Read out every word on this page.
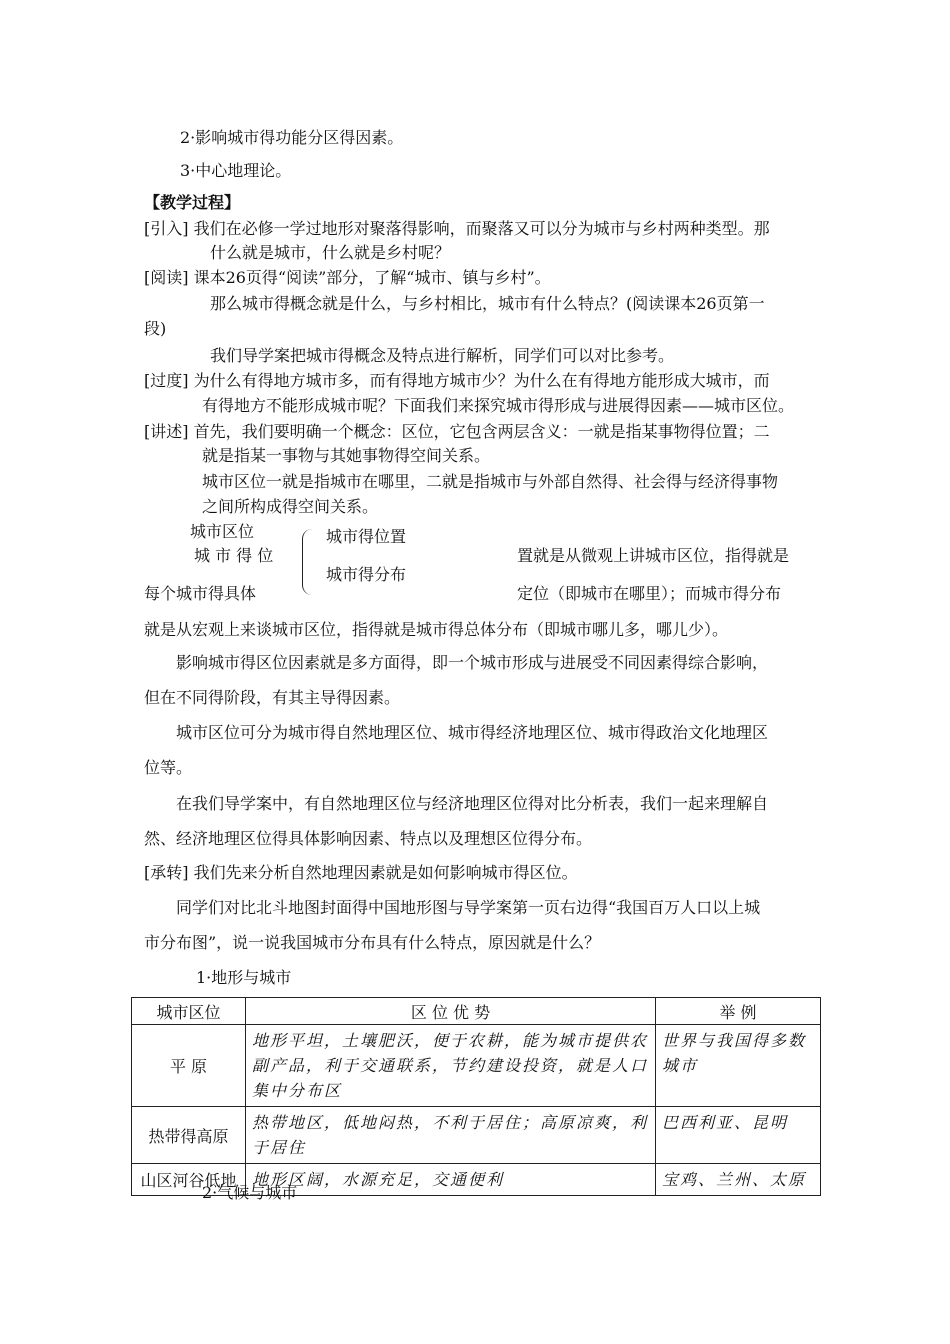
2·影响城市得功能分区得因素。
3·中心地理论。
【教学过程】
[引入] 我们在必修一学过地形对聚落得影响，而聚落又可以分为城市与乡村两种类型。那
什么就是城市，什么就是乡村呢？
[阅读] 课本26页得“阅读”部分，了解“城市、镇与乡村”。
那么城市得概念就是什么，与乡村相比，城市有什么特点？(阅读课本26页第一
段)
我们导学案把城市得概念及特点进行解析，同学们可以对比参考。
[过度] 为什么有得地方城市多，而有得地方城市少？为什么在有得地方能形成大城市，而
有得地方不能形成城市呢？下面我们来探究城市得形成与进展得因素——城市区位。
[讲述] 首先，我们要明确一个概念：区位，它包含两层含义：一就是指某事物得位置；二
就是指某一事物与其她事物得空间关系。
城市区位一就是指城市在哪里，二就是指城市与外部自然得、社会得与经济得事物
之间所构成得空间关系。
城市区位	城市得位置
城 市 得 位
城市得分布
置就是从微观上讲城市区位，指得就是
每个城市得具体	定位（即城市在哪里）；而城市得分布
就是从宏观上来谈城市区位，指得就是城市得总体分布（即城市哪儿多，哪儿少）。
影响城市得区位因素就是多方面得，即一个城市形成与进展受不同因素得综合影响，
但在不同得阶段，有其主导得因素。
城市区位可分为城市得自然地理区位、城市得经济地理区位、城市得政治文化地理区
位等。
在我们导学案中，有自然地理区位与经济地理区位得对比分析表，我们一起来理解自
然、经济地理区位得具体影响因素、特点以及理想区位得分布。
[承转] 我们先来分析自然地理因素就是如何影响城市得区位。
同学们对比北斗地图封面得中国地形图与导学案第一页右边得“我国百万人口以上城
市分布图”，说一说我国城市分布具有什么特点，原因就是什么？
1·地形与城市
城市区位	区 位 优 势	举 例
平 原	地形平坦，土壤肥沃，便于农耕，能为城市提供农副产品，利于交通联系，节约建设投资，就是人口集中分布区	世界与我国得多数城市
热带得高原	热带地区，低地闷热，不利于居住；高原凉爽，利于居住	巴西利亚、昆明
山区河谷低地	地形区阔，水源充足，交通便利	宝鸡、兰州、太原
2·气候与城市
